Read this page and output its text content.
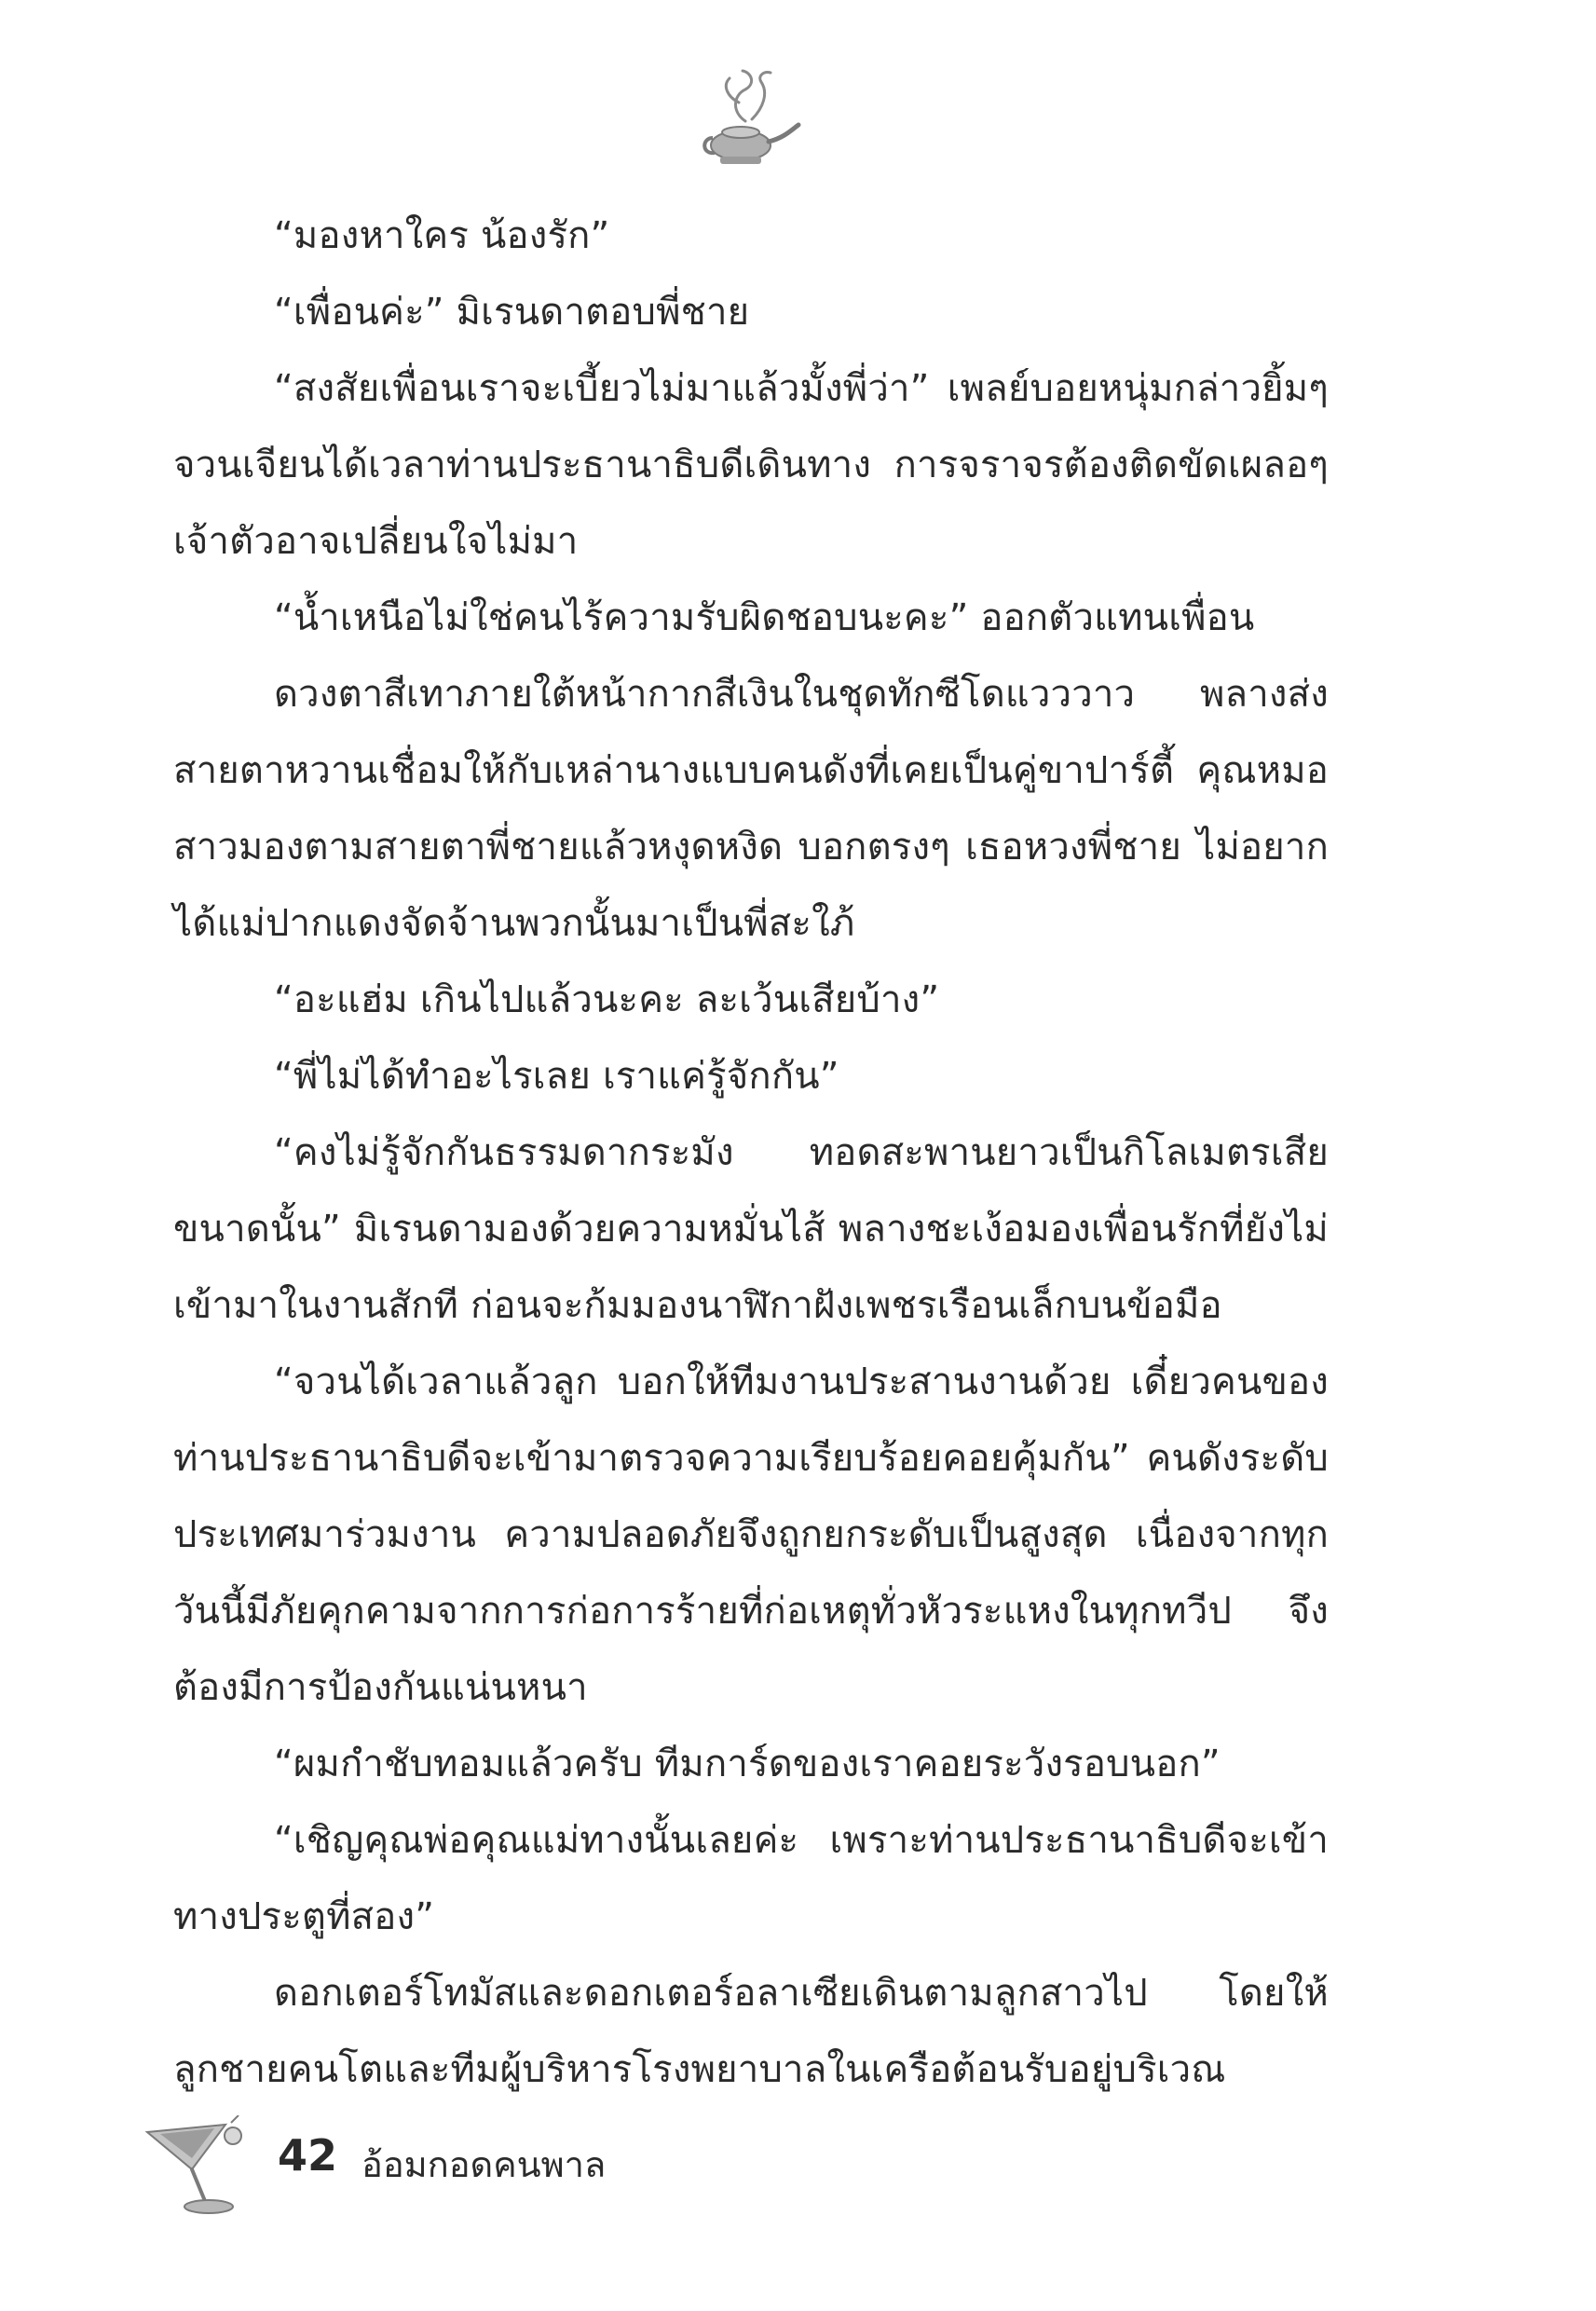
“มองหาใคร น้องรัก”

“เพื่อนค่ะ” มิเรนดาตอบพี่ชาย

“สงสัยเพื่อนเราจะเบี้ยวไม่มาแล้วมั้งพี่ว่า” เพลย์บอยหนุ่มกล่าวยิ้มๆ จวนเจียนได้เวลาท่านประธานาธิบดีเดินทาง การจราจรต้องติดขัดเผลอๆ เจ้าตัวอาจเปลี่ยนใจไม่มา

“น้ำเหนือไม่ใช่คนไร้ความรับผิดชอบนะคะ” ออกตัวแทนเพื่อน

ดวงตาสีเทาภายใต้หน้ากากสีเงินในชุดทักซีโดแวววาว พลางส่งสายตาหวานเชื่อมให้กับเหล่านางแบบคนดังที่เคยเป็นคู่ขาปาร์ตี้ คุณหมอสาวมองตามสายตาพี่ชายแล้วหงุดหงิด บอกตรงๆ เธอหวงพี่ชาย ไม่อยากได้แม่ปากแดงจัดจ้านพวกนั้นมาเป็นพี่สะใภ้

“อะแฮ่ม เกินไปแล้วนะคะ ละเว้นเสียบ้าง”

“พี่ไม่ได้ทำอะไรเลย เราแค่รู้จักกัน”

“คงไม่รู้จักกันธรรมดากระมัง ทอดสะพานยาวเป็นกิโลเมตรเสียขนาดนั้น” มิเรนดามองด้วยความหมั่นไส้ พลางชะเง้อมองเพื่อนรักที่ยังไม่เข้ามาในงานสักที ก่อนจะก้มมองนาฬิกาฝังเพชรเรือนเล็กบนข้อมือ

“จวนได้เวลาแล้วลูก บอกให้ทีมงานประสานงานด้วย เดี๋ยวคนของท่านประธานาธิบดีจะเข้ามาตรวจความเรียบร้อยคอยคุ้มกัน” คนดังระดับประเทศมาร่วมงาน ความปลอดภัยจึงถูกยกระดับเป็นสูงสุด เนื่องจากทุกวันนี้มีภัยคุกคามจากการก่อการร้ายที่ก่อเหตุทั่วหัวระแหงในทุกทวีป จึงต้องมีการป้องกันแน่นหนา

“ผมกำชับทอมแล้วครับ ทีมการ์ดของเราคอยระวังรอบนอก”

“เชิญคุณพ่อคุณแม่ทางนั้นเลยค่ะ เพราะท่านประธานาธิบดีจะเข้าทางประตูที่สอง”

ดอกเตอร์โทมัสและดอกเตอร์อลาเซียเดินตามลูกสาวไป โดยให้ลูกชายคนโตและทีมผู้บริหารโรงพยาบาลในเครือต้อนรับอยู่บริเวณ

42 อ้อมกอดคนพาล
